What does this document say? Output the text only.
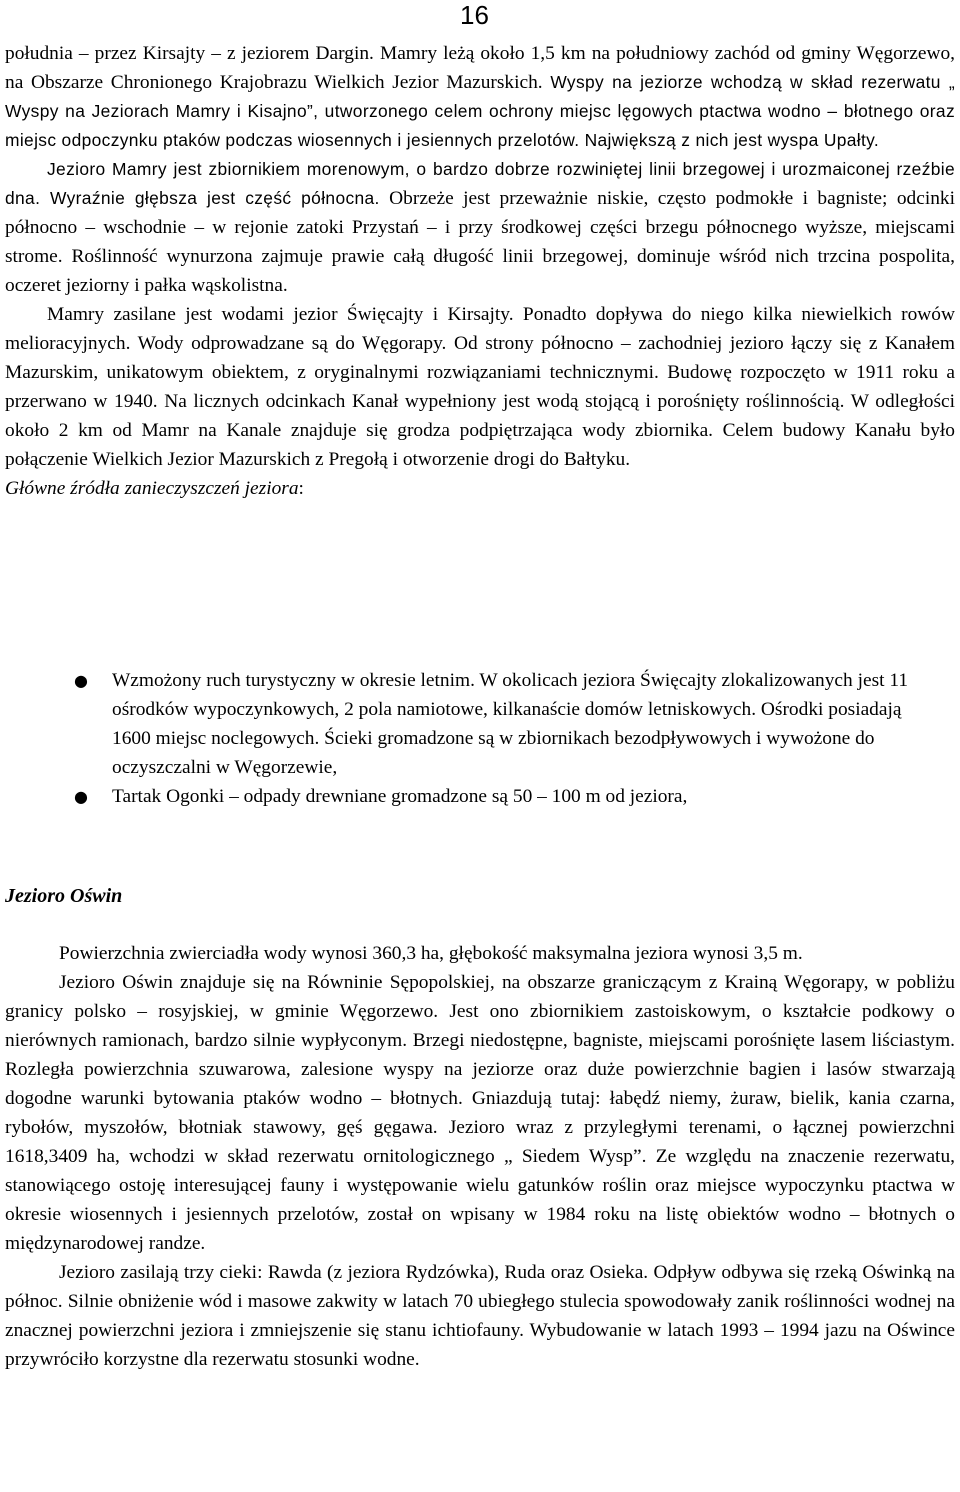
16

południa – przez Kirsajty – z jeziorem Dargin. Mamry leżą około 1,5 km na południowy zachód od gminy Węgorzewo, na Obszarze Chronionego Krajobrazu Wielkich Jezior Mazurskich. Wyspy na jeziorze wchodzą w skład rezerwatu „ Wyspy na Jeziorach Mamry i Kisajno”, utworzonego celem ochrony miejsc lęgowych ptactwa wodno – błotnego oraz miejsc odpoczynku ptaków podczas wiosennych i jesiennych przelotów. Największą z nich jest wyspa Upałty.

Jezioro Mamry jest zbiornikiem morenowym, o bardzo dobrze rozwiniętej linii brzegowej i urozmaiconej rzeźbie dna. Wyraźnie głębsza jest część północna. Obrzeże jest przeważnie niskie, często podmokłe i bagniste; odcinki północno – wschodnie – w rejonie zatoki Przystań – i przy środkowej części brzegu północnego wyższe, miejscami strome. Roślinność wynurzona zajmuje prawie całą długość linii brzegowej, dominuje wśród nich trzcina pospolita, oczeret jeziorny i pałka wąskolistna.

Mamry zasilane jest wodami jezior Święcajty i Kirsajty. Ponadto dopływa do niego kilka niewielkich rowów melioracyjnych. Wody odprowadzane są do Węgorapy. Od strony północno – zachodniej jezioro łączy się z Kanałem Mazurskim, unikatowym obiektem, z oryginalnymi rozwiązaniami technicznymi. Budowę rozpoczęto w 1911 roku a przerwano w 1940. Na licznych odcinkach Kanał wypełniony jest wodą stojącą i porośnięty roślinnością. W odległości około 2 km od Mamr na Kanale znajduje się grodza podpiętrzająca wody zbiornika. Celem budowy Kanału było połączenie Wielkich Jezior Mazurskich z Pregołą i otworzenie drogi do Bałtyku.

Główne źródła zanieczyszczeń jeziora:

● Wzmożony ruch turystyczny w okresie letnim. W okolicach jeziora Święcajty zlokalizowanych jest 11 ośrodków wypoczynkowych, 2 pola namiotowe, kilkanaście domów letniskowych. Ośrodki posiadają 1600 miejsc noclegowych. Ścieki gromadzone są w zbiornikach bezodpływowych i wywożone do oczyszczalni w Węgorzewie,
● Tartak Ogonki – odpady drewniane gromadzone są 50 – 100 m od jeziora,
Jezioro Oświn

Powierzchnia zwierciadła wody wynosi 360,3 ha, głębokość maksymalna jeziora wynosi 3,5 m.

Jezioro Oświn znajduje się na Równinie Sępopolskiej, na obszarze granicząсym z Krainą Węgorapy, w pobliżu granicy polsko – rosyjskiej, w gminie Węgorzewo. Jest ono zbiornikiem zastoiskowym, o kształcie podkowy o nierównych ramionach, bardzo silnie wypłyconym. Brzegi niedostępne, bagniste, miejscami porośnięte lasem liściastym. Rozległa powierzchnia szuwarowa, zalesione wyspy na jeziorze oraz duże powierzchnie bagien i lasów stwarzają dogodne warunki bytowania ptaków wodno – błotnych. Gniazdują tutaj: łabędź niemy, żuraw, bielik, kania czarna, rybołów, myszołów, błotniak stawowy, gęś gęgawa. Jezioro wraz z przyległymi terenami, o łącznej powierzchni 1618,3409 ha, wchodzi w skład rezerwatu ornitologicznego „ Siedem Wysp”. Ze względu na znaczenie rezerwatu, stanowiącego ostoję interesującej fauny i występowanie wielu gatunków roślin oraz miejsce wypoczynku ptactwa w okresie wiosennych i jesiennych przelotów, został on wpisany w 1984 roku na listę obiektów wodno – błotnych o międzynarodowej randze.

Jezioro zasilają trzy cieki: Rawda (z jeziora Rydzówka), Ruda oraz Osieka. Odpływ odbywa się rzeką Oświnką na północ. Silnie obniżenie wód i masowe zakwity w latach 70 ubiegłego stulecia spowodowały zanik roślinności wodnej na znacznej powierzchni jeziora i zmniejszenie się stanu ichtiofauny. Wybudowanie w latach 1993 – 1994 jazu na Ośwince przywróciło korzystne dla rezerwatu stosunki wodne.
